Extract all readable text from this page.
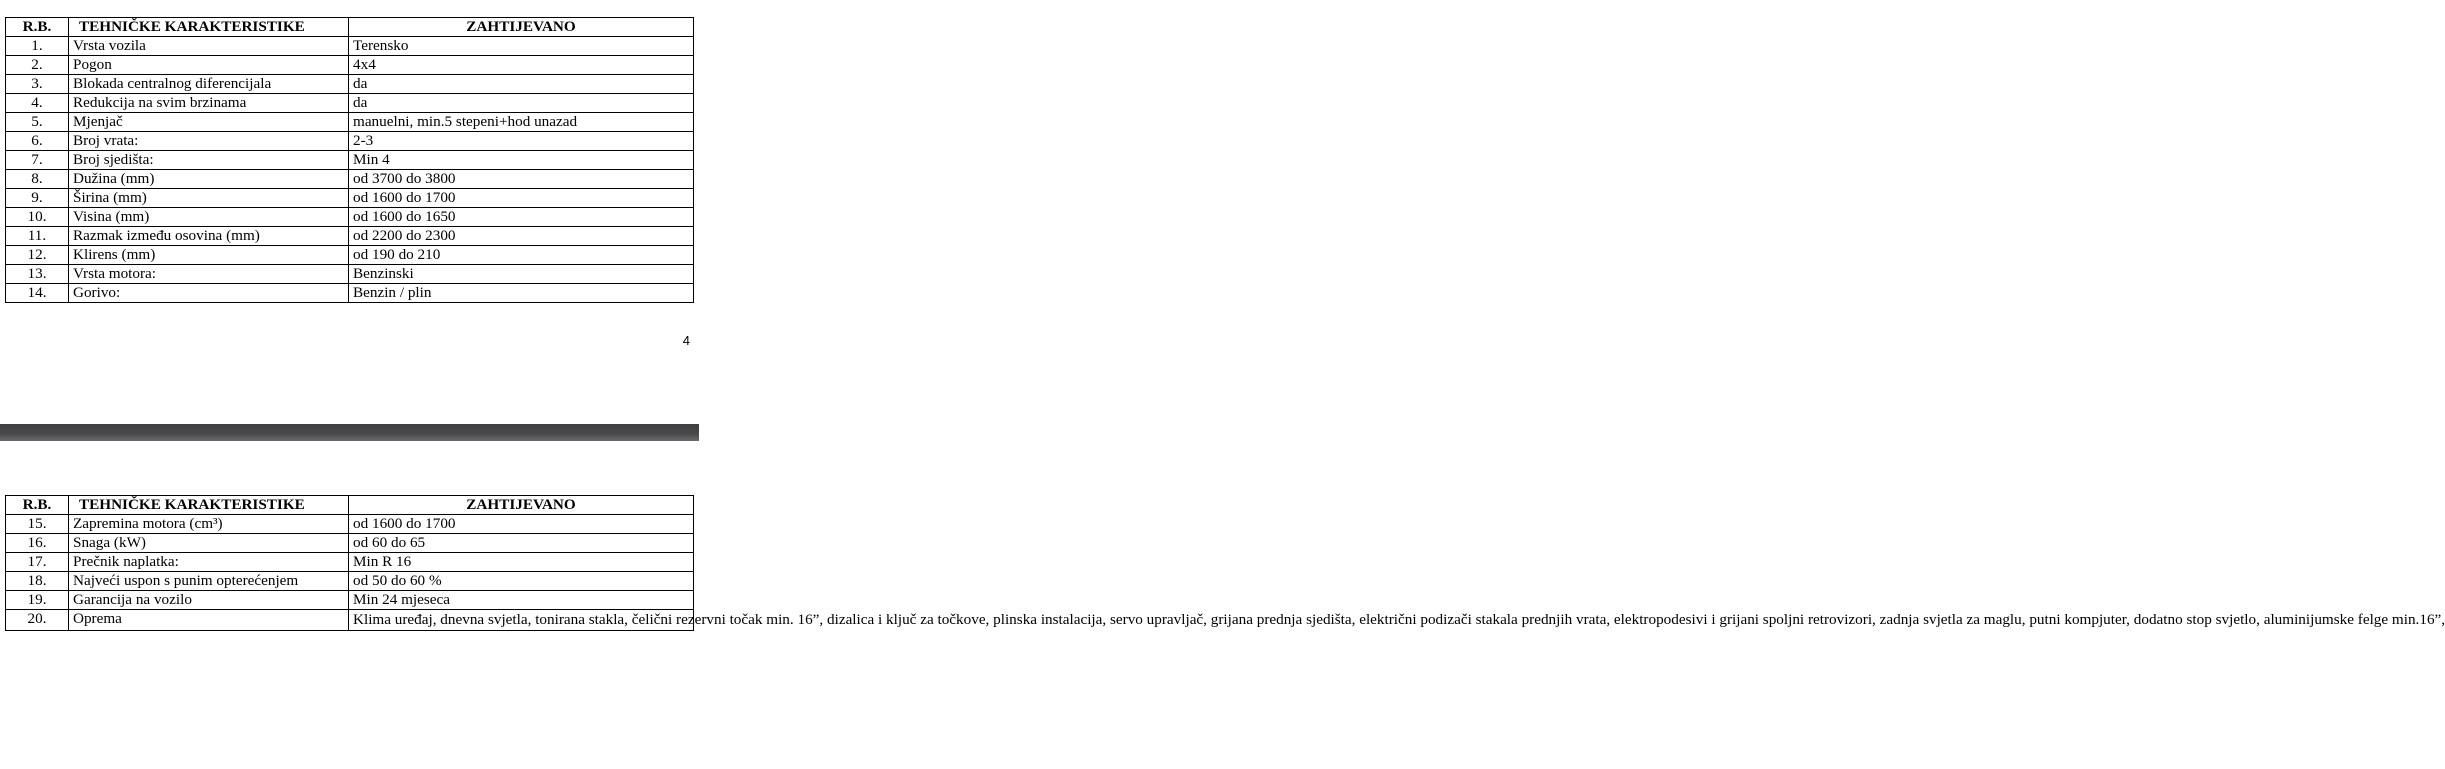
R.B.	TEHNIČKE KARAKTERISTIKE	ZAHTIJEVANO
1.	Vrsta vozila	Terensko
2.	Pogon	4x4
3.	Blokada centralnog diferencijala	da
4.	Redukcija na svim brzinama	da
5.	Mjenjač	manuelni, min.5 stepeni+hod unazad
6.	Broj vrata:	2-3
7.	Broj sjedišta:	Min 4
8.	Dužina (mm)	od 3700 do 3800
9.	Širina (mm)	od 1600 do 1700
10.	Visina (mm)	od 1600 do 1650
11.	Razmak između osovina (mm)	od 2200 do 2300
12.	Klirens (mm)	od 190 do 210
13.	Vrsta motora:	Benzinski
14.	Gorivo:	Benzin / plin
4
R.B.	TEHNIČKE KARAKTERISTIKE	ZAHTIJEVANO
15.	Zapremina motora (cm³)	od 1600 do 1700
16.	Snaga (kW)	od 60 do 65
17.	Prečnik naplatka:	Min R 16
18.	Najveći uspon s punim opterećenjem	od 50 do 60 %
19.	Garancija na vozilo	Min 24 mjeseca
20.	Oprema	Klima uređaj, dnevna svjetla, tonirana stakla, čelični rezervni točak min. 16”, dizalica i ključ za točkove, plinska instalacija, servo upravljač, grijana prednja sjedišta, električni podizači stakala prednjih vrata, elektropodesivi i grijani spoljni retrovizori, zadnja svjetla za maglu, putni kompjuter, dodatno stop svjetlo, aluminijumske felge min.16”,
